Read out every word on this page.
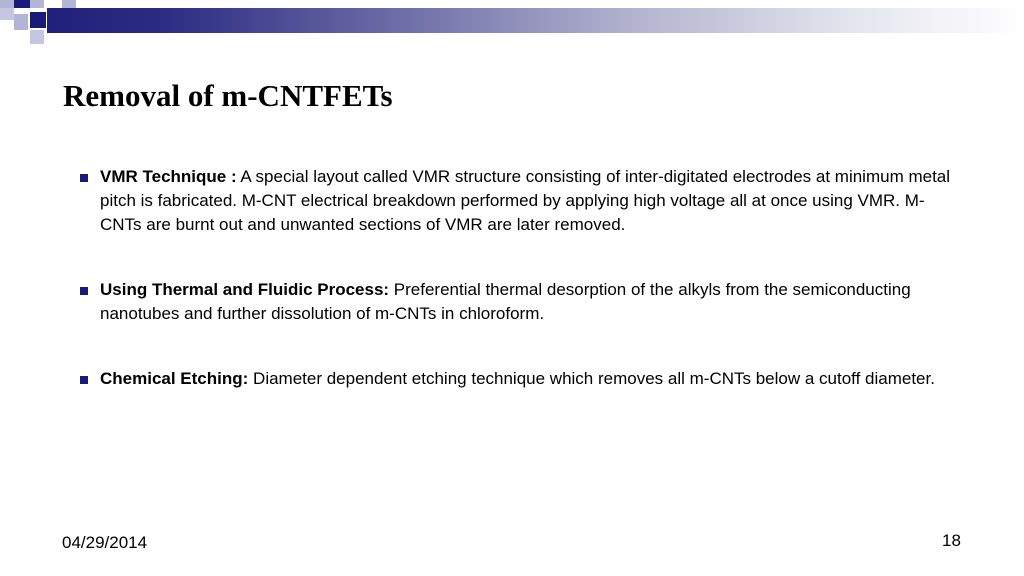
Removal of m-CNTFETs
VMR Technique : A special layout called VMR structure consisting of inter-digitated electrodes at minimum metal pitch is fabricated. M-CNT electrical breakdown performed by applying high voltage all at once using VMR. M-CNTs are burnt out and unwanted sections of VMR are later removed.
Using Thermal and Fluidic Process: Preferential thermal desorption of the alkyls from the semiconducting nanotubes and further dissolution of m-CNTs in chloroform.
Chemical Etching: Diameter dependent etching technique which removes all m-CNTs below a cutoff diameter.
04/29/2014	18
